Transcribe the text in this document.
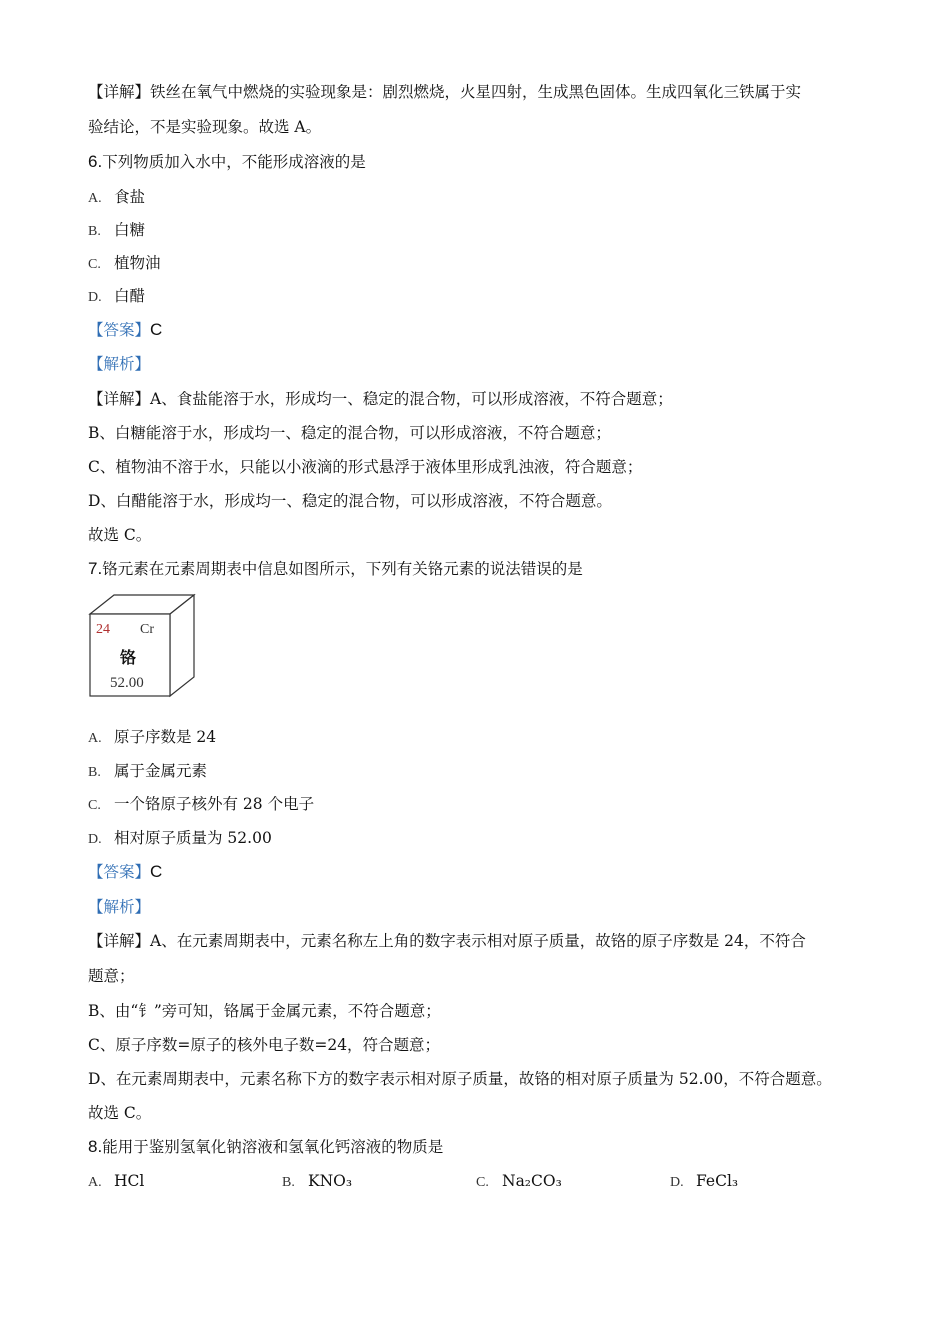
【详解】铁丝在氧气中燃烧的实验现象是：剧烈燃烧，火星四射，生成黑色固体。生成四氧化三铁属于实
验结论，不是实验现象。故选 A。
6.下列物质加入水中，不能形成溶液的是
A. 食盐
B. 白糖
C. 植物油
D. 白醋
【答案】C
【解析】
【详解】A、食盐能溶于水，形成均一、稳定的混合物，可以形成溶液，不符合题意；
B、白糖能溶于水，形成均一、稳定的混合物，可以形成溶液，不符合题意；
C、植物油不溶于水，只能以小液滴的形式悬浮于液体里形成乳浊液，符合题意；
D、白醋能溶于水，形成均一、稳定的混合物，可以形成溶液，不符合题意。
故选 C。
7.铬元素在元素周期表中信息如图所示，下列有关铬元素的说法错误的是
24 Cr
铬
52.00
A. 原子序数是 24
B. 属于金属元素
C. 一个铬原子核外有 28 个电子
D. 相对原子质量为 52.00
【答案】C
【解析】
【详解】A、在元素周期表中，元素名称左上角的数字表示相对原子质量，故铬的原子序数是 24，不符合
题意；
B、由“钅”旁可知，铬属于金属元素，不符合题意；
C、原子序数=原子的核外电子数=24，符合题意；
D、在元素周期表中，元素名称下方的数字表示相对原子质量，故铬的相对原子质量为 52.00，不符合题意。
故选 C。
8.能用于鉴别氢氧化钠溶液和氢氧化钙溶液的物质是
A. HCl	B. KNO₃	C. Na₂CO₃	D. FeCl₃
